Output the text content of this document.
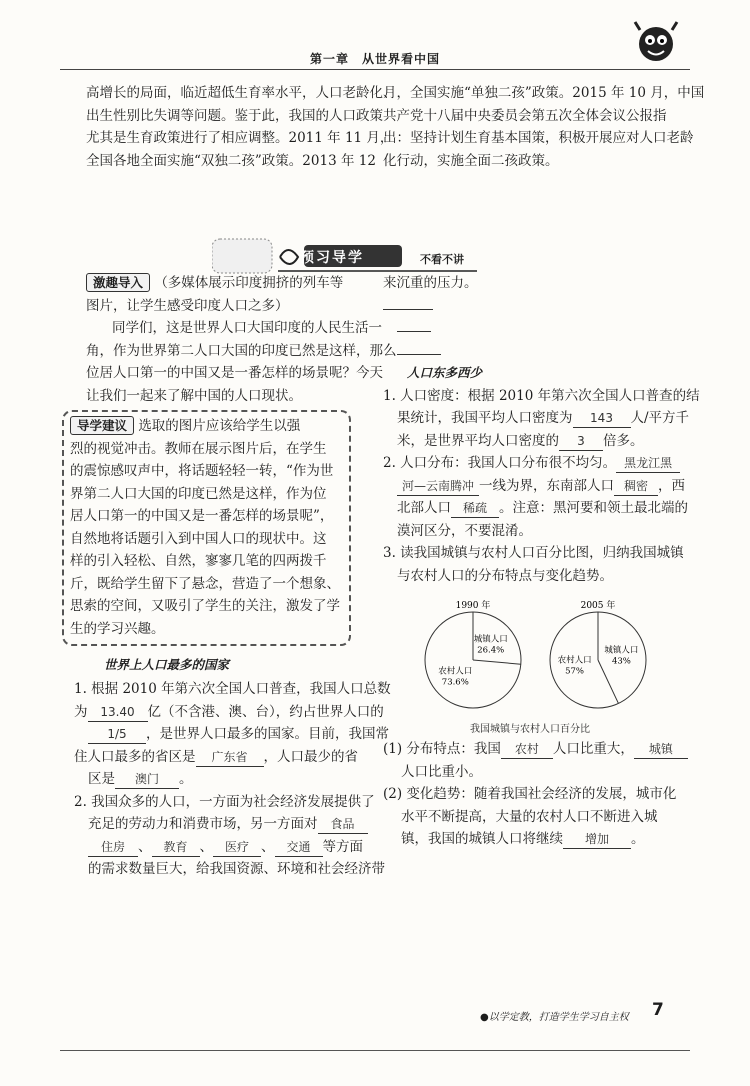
第一章　从世界看中国
高增长的局面，临近超低生育率水平，人口老龄化、
出生性别比失调等问题。鉴于此，我国的人口政策
尤其是生育政策进行了相应调整。2011 年 11 月，
全国各地全面实施“双独二孩”政策。2013 年 12
月，全国实施“单独二孩”政策。2015 年 10 月，中国
共产党十八届中央委员会第五次全体会议公报指
出：坚持计划生育基本国策，积极开展应对人口老龄
化行动，实施全面二孩政策。
预习导学	不看不讲
激趣导入 （多媒体展示印度拥挤的列车等
图片，让学生感受印度人口之多）
同学们，这是世界人口大国印度的人民生活一
角，作为世界第二人口大国的印度已然是这样，那么
位居人口第一的中国又是一番怎样的场景呢？今天
让我们一起来了解中国的人口现状。
导学建议 选取的图片应该给学生以强
烈的视觉冲击。教师在展示图片后，在学生
的震惊感叹声中，将话题轻轻一转，“作为世
界第二人口大国的印度已然是这样，作为位
居人口第一的中国又是一番怎样的场景呢”，
自然地将话题引入到中国人口的现状中。这
样的引入轻松、自然，寥寥几笔的四两拨千
斤，既给学生留下了悬念，营造了一个想象、
思索的空间，又吸引了学生的关注，激发了学
生的学习兴趣。
世界上人口最多的国家
1. 根据 2010 年第六次全国人口普查，我国人口总数
为 13.40 亿（不含港、澳、台），约占世界人口的
1/5 ，是世界人口最多的国家。目前，我国常
住人口最多的省区是 广东省 ，人口最少的省
区是 澳门 。
2. 我国众多的人口，一方面为社会经济发展提供了
充足的劳动力和消费市场，另一方面对 食品
住房 、 教育 、 医疗 、 交通 等方面
的需求数量巨大，给我国资源、环境和社会经济带
来沉重的压力。
人口东多西少
1. 人口密度：根据 2010 年第六次全国人口普查的结
果统计，我国平均人口密度为 143 人/平方千
米，是世界平均人口密度的 3 倍多。
2. 人口分布：我国人口分布很不均匀。 黑龙江黑
河—云南腾冲 一线为界，东南部人口 稠密 ，西
北部人口 稀疏 。注意：黑河要和领土最北端的
漠河区分，不要混淆。
3. 读我国城镇与农村人口百分比图，归纳我国城镇
与农村人口的分布特点与变化趋势。
1990 年
城镇人口
26.4%
农村人口
73.6%
2005 年
城镇人口
43%
农村人口
57%
我国城镇与农村人口百分比
(1) 分布特点：我国 农村 人口比重大， 城镇
人口比重小。
(2) 变化趋势：随着我国社会经济的发展，城市化
水平不断提高，大量的农村人口不断进入城
镇，我国的城镇人口将继续 增加 。
●以学定教，打造学生学习自主权 7
